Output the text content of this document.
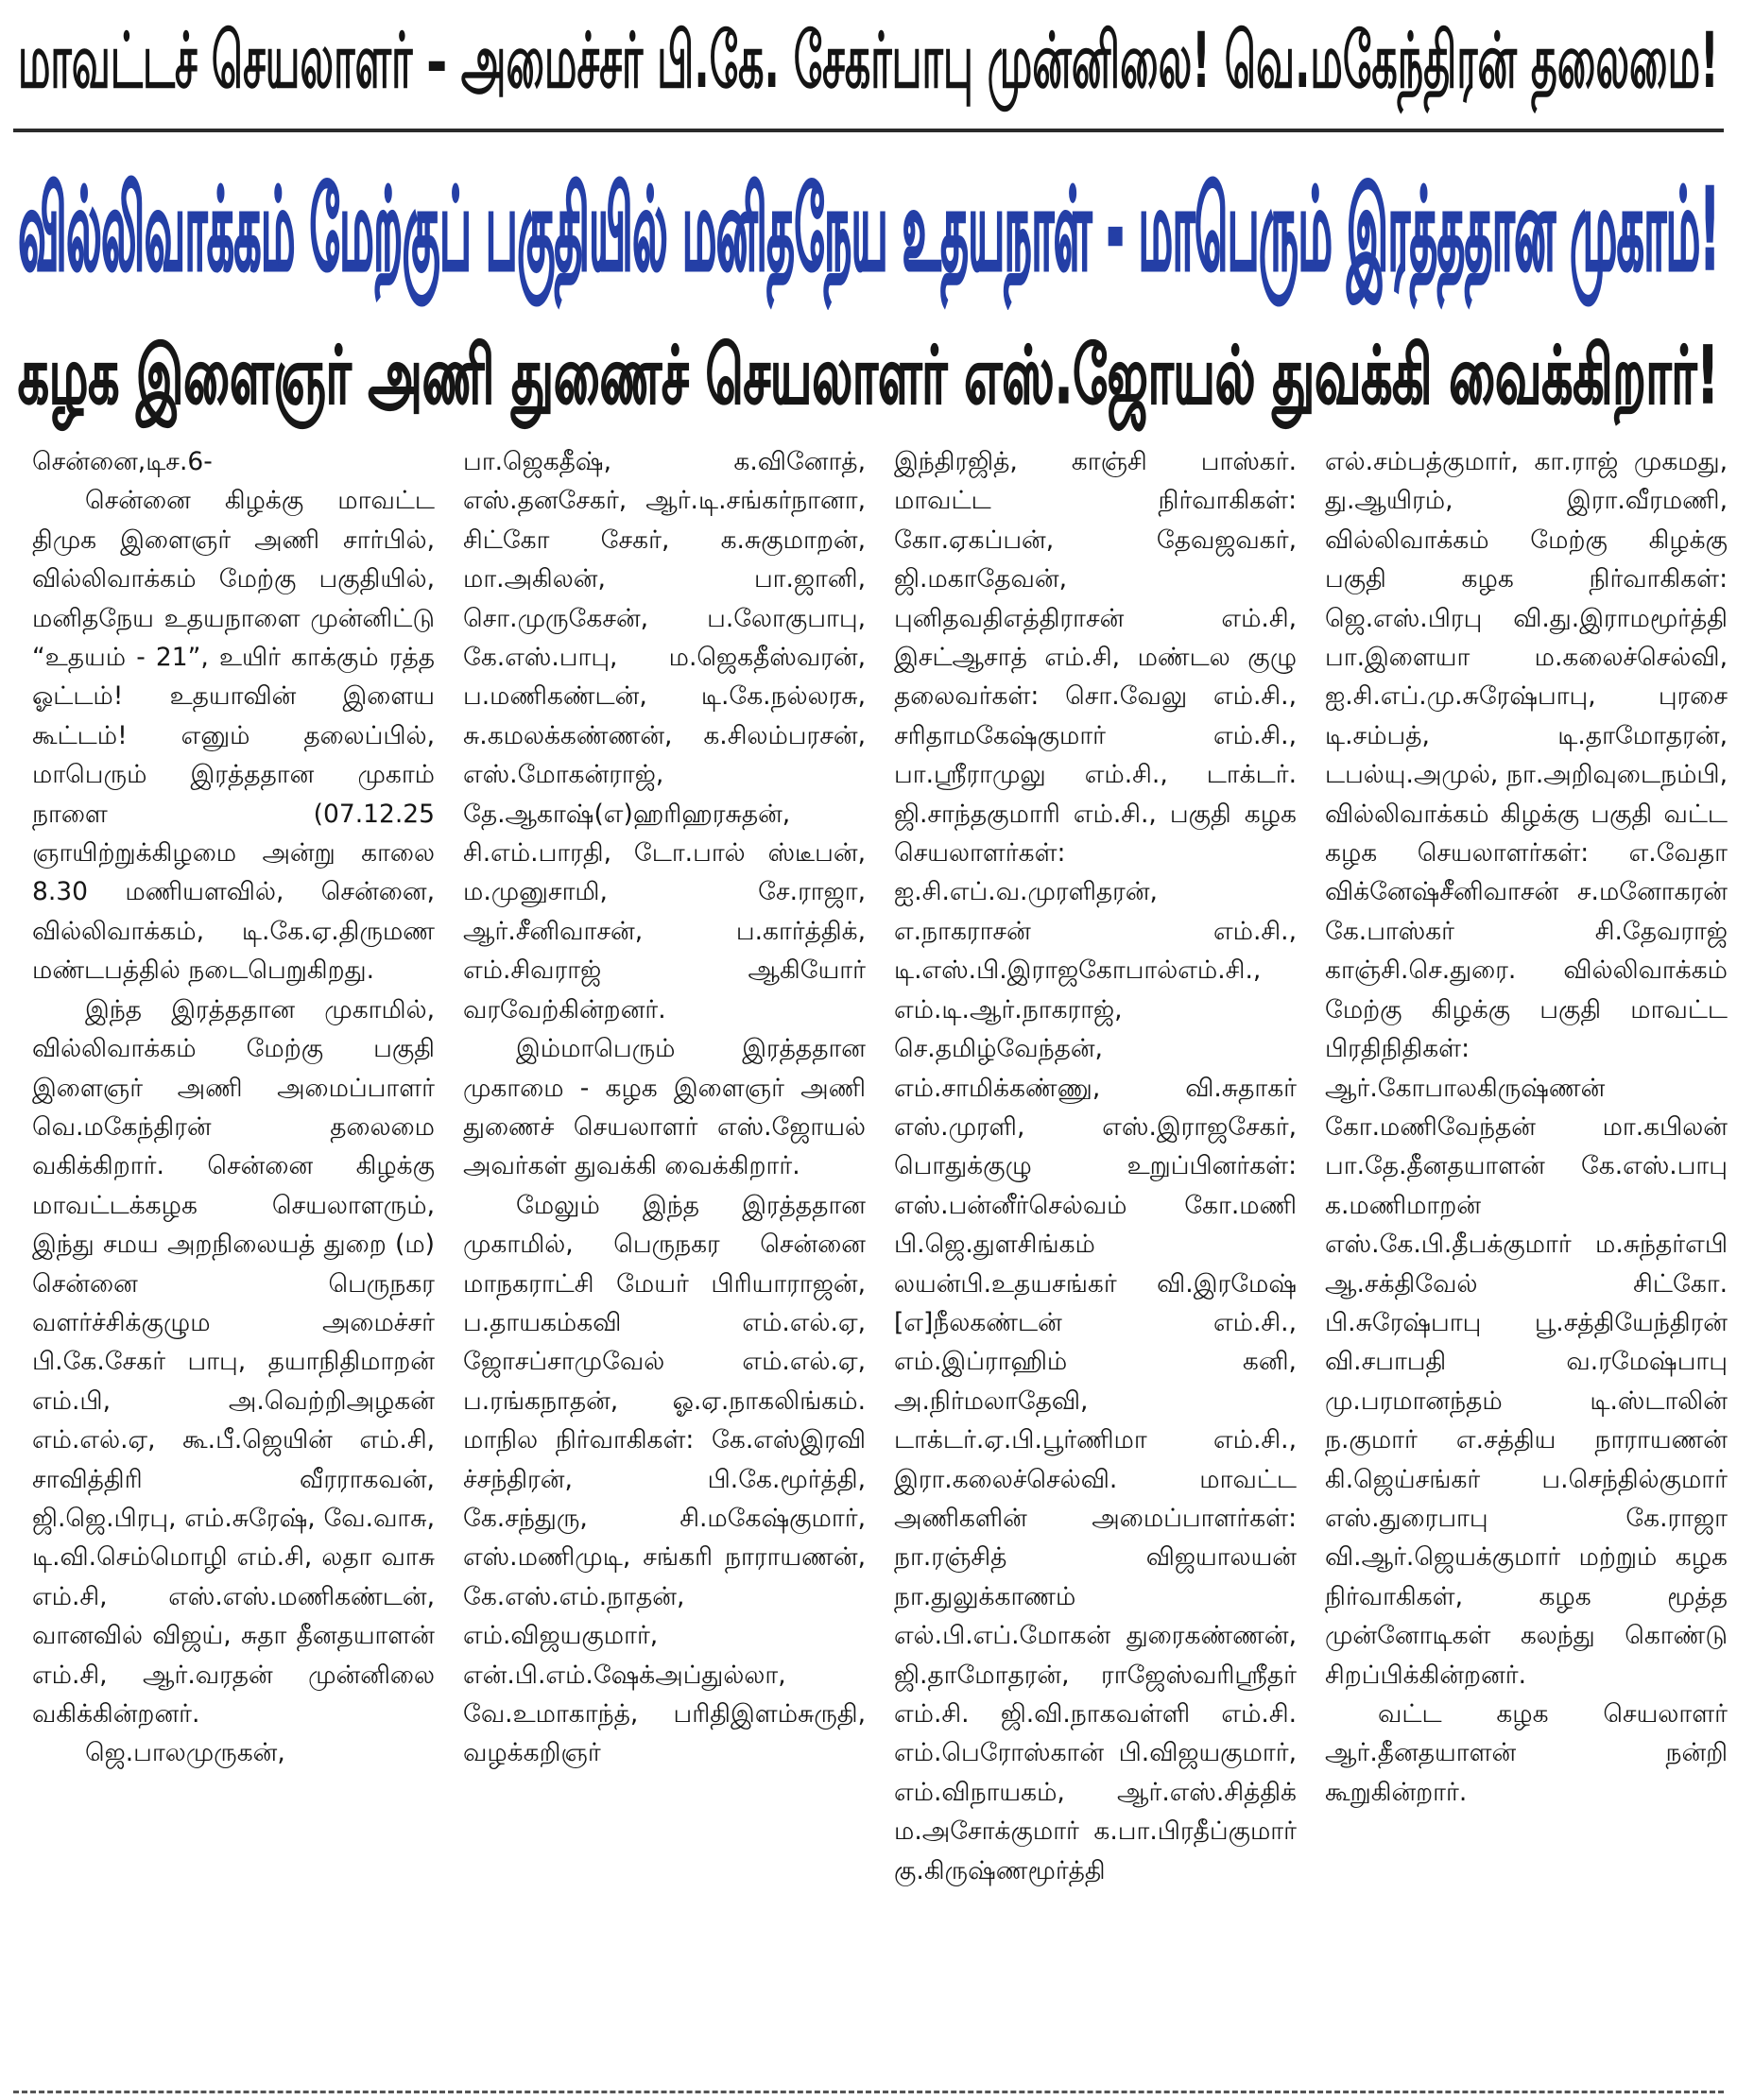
மாவட்டச் செயலாளர் – அமைச்சர் பி.கே. சேகர்பாபு முன்னிலை! வெ.மகேந்திரன் தலைமை!
வில்லிவாக்கம் மேற்குப் பகுதியில் மனிதநேய உதயநாள் - மாபெரும் இரத்ததான முகாம்!
கழக இளைஞர் அணி துணைச் செயலாளர் எஸ்.ஜோயல் துவக்கி வைக்கிறார்!

சென்னை,டிச.6-

சென்னை கிழக்கு மாவட்ட திமுக இளைஞர் அணி சார்பில், வில்லிவாக்கம் மேற்கு பகுதியில், மனிதநேய உதயநாளை முன்னிட்டு “உதயம் - 21”, உயிர் காக்கும் ரத்த ஓட்டம்! உதயாவின் இளைய கூட்டம்! எனும் தலைப்பில், மாபெரும் இரத்ததான முகாம் நாளை (07.12.25 ஞாயிற்றுக்கிழமை அன்று காலை 8.30 மணியளவில், சென்னை, வில்லிவாக்கம், டி.கே.ஏ.திருமண மண்டபத்தில் நடைபெறுகிறது.

இந்த இரத்ததான முகாமில், வில்லிவாக்கம் மேற்கு பகுதி இளைஞர் அணி அமைப்பாளர் வெ.மகேந்திரன் தலைமை வகிக்கிறார். சென்னை கிழக்கு மாவட்டக்கழக செயலாளரும், இந்து சமய அறநிலையத் துறை (ம) சென்னை பெருநகர வளர்ச்சிக்குழும அமைச்சர் பி.கே.சேகர் பாபு, தயாநிதிமாறன் எம்.பி, அ.வெற்றிஅழகன் எம்.எல்.ஏ, கூ.பீ.ஜெயின் எம்.சி, சாவித்திரி வீரராகவன், ஜி.ஜெ.பிரபு, எம்.சுரேஷ், வே.வாசு, டி.வி.செம்மொழி எம்.சி, லதா வாசு எம்.சி, எஸ்.எஸ்.மணிகண்டன், வானவில் விஜய், சுதா தீனதயாளன் எம்.சி, ஆர்.வரதன் முன்னிலை வகிக்கின்றனர்.

ஜெ.பாலமுருகன்,

பா.ஜெகதீஷ், க.வினோத், எஸ்.தனசேகர், ஆர்.டி.சங்கர்நானா, சிட்கோ சேகர், க.சுகுமாறன், மா.அகிலன், பா.ஜானி, சொ.முருகேசன், ப.லோகுபாபு, கே.எஸ்.பாபு, ம.ஜெகதீஸ்வரன், ப.மணிகண்டன், டி.கே.நல்லரசு, சு.கமலக்கண்ணன், க.சிலம்பரசன், எஸ்.மோகன்ராஜ், தே.ஆகாஷ்(எ)ஹரிஹரசுதன், சி.எம்.பாரதி, டோ.பால் ஸ்டீபன், ம.முனுசாமி, சே.ராஜா, ஆர்.சீனிவாசன், ப.கார்த்திக், எம்.சிவராஜ் ஆகியோர் வரவேற்கின்றனர்.

இம்மாபெரும் இரத்ததான முகாமை - கழக இளைஞர் அணி துணைச் செயலாளர் எஸ்.ஜோயல் அவர்கள் துவக்கி வைக்கிறார்.

மேலும் இந்த இரத்ததான முகாமில், பெருநகர சென்னை மாநகராட்சி மேயர் பிரியாராஜன், ப.தாயகம்கவி எம்.எல்.ஏ, ஜோசப்சாமுவேல் எம்.எல்.ஏ, ப.ரங்கநாதன், ஓ.ஏ.நாகலிங்கம். மாநில நிர்வாகிகள்: கே.எஸ்இரவி ச்சந்திரன், பி.கே.மூர்த்தி, கே.சந்துரு, சி.மகேஷ்குமார், எஸ்.மணிமுடி, சங்கரி நாராயணன், கே.எஸ்.எம்.நாதன், எம்.விஜயகுமார், என்.பி.எம்.ஷேக்அப்துல்லா, வே.உமாகாந்த், பரிதிஇளம்சுருதி, வழக்கறிஞர்

இந்திரஜித், காஞ்சி பாஸ்கர். மாவட்ட நிர்வாகிகள்: கோ.ஏகப்பன், தேவஜவகர், ஜி.மகாதேவன், புனிதவதிஎத்திராசன் எம்.சி, இசட்ஆசாத் எம்.சி, மண்டல குழு தலைவர்கள்: சொ.வேலு எம்.சி., சரிதாமகேஷ்குமார் எம்.சி., பா.ஸ்ரீராமுலு எம்.சி., டாக்டர். ஜி.சாந்தகுமாரி எம்.சி., பகுதி கழக செயலாளர்கள்: ஐ.சி.எப்.வ.முரளிதரன், எ.நாகராசன் எம்.சி., டி.எஸ்.பி.இராஜகோபால்எம்.சி., எம்.டி.ஆர்.நாகராஜ், செ.தமிழ்வேந்தன், எம்.சாமிக்கண்ணு, வி.சுதாகர் எஸ்.முரளி, எஸ்.இராஜசேகர், பொதுக்குழு உறுப்பினர்கள்: எஸ்.பன்னீர்செல்வம் கோ.மணி பி.ஜெ.துளசிங்கம் லயன்பி.உதயசங்கர் வி.இரமேஷ் [எ]நீலகண்டன் எம்.சி., எம்.இப்ராஹிம் கனி, அ.நிர்மலாதேவி, டாக்டர்.ஏ.பி.பூர்ணிமா எம்.சி., இரா.கலைச்செல்வி. மாவட்ட அணிகளின் அமைப்பாளர்கள்: நா.ரஞ்சித் விஜயாலயன் நா.துலுக்காணம் எல்.பி.எப்.மோகன் துரைகண்ணன், ஜி.தாமோதரன், ராஜேஸ்வரிஸ்ரீதர் எம்.சி. ஜி.வி.நாகவள்ளி எம்.சி. எம்.பெரோஸ்கான் பி.விஜயகுமார், எம்.விநாயகம், ஆர்.எஸ்.சித்திக் ம.அசோக்குமார் க.பா.பிரதீப்குமார் கு.கிருஷ்ணமூர்த்தி

எல்.சம்பத்குமார், கா.ராஜ் முகமது, து.ஆயிரம், இரா.வீரமணி, வில்லிவாக்கம் மேற்கு கிழக்கு பகுதி கழக நிர்வாகிகள்: ஜெ.எஸ்.பிரபு வி.து.இராமமூர்த்தி பா.இளையா ம.கலைச்செல்வி, ஐ.சி.எப்.மு.சுரேஷ்பாபு, புரசை டி.சம்பத், டி.தாமோதரன், டபல்யு.அமுல், நா.அறிவுடைநம்பி, வில்லிவாக்கம் கிழக்கு பகுதி வட்ட கழக செயலாளர்கள்: எ.வேதா விக்னேஷ்சீனிவாசன் ச.மனோகரன் கே.பாஸ்கர் சி.தேவராஜ் காஞ்சி.செ.துரை. வில்லிவாக்கம் மேற்கு கிழக்கு பகுதி மாவட்ட பிரதிநிதிகள்: ஆர்.கோபாலகிருஷ்ணன் கோ.மணிவேந்தன் மா.கபிலன் பா.தே.தீனதயாளன் கே.எஸ்.பாபு க.மணிமாறன் எஸ்.கே.பி.தீபக்குமார் ம.சுந்தர்எபி ஆ.சக்திவேல் சிட்கோ. பி.சுரேஷ்பாபு பூ.சத்தியேந்திரன் வி.சபாபதி வ.ரமேஷ்பாபு மு.பரமானந்தம் டி.ஸ்டாலின் ந.குமார் எ.சத்திய நாராயணன் கி.ஜெய்சங்கர் ப.செந்தில்குமார் எஸ்.துரைபாபு கே.ராஜா வி.ஆர்.ஜெயக்குமார் மற்றும் கழக நிர்வாகிகள், கழக மூத்த முன்னோடிகள் கலந்து கொண்டு சிறப்பிக்கின்றனர்.

வட்ட கழக செயலாளர் ஆர்.தீனதயாளன் நன்றி கூறுகின்றார்.
